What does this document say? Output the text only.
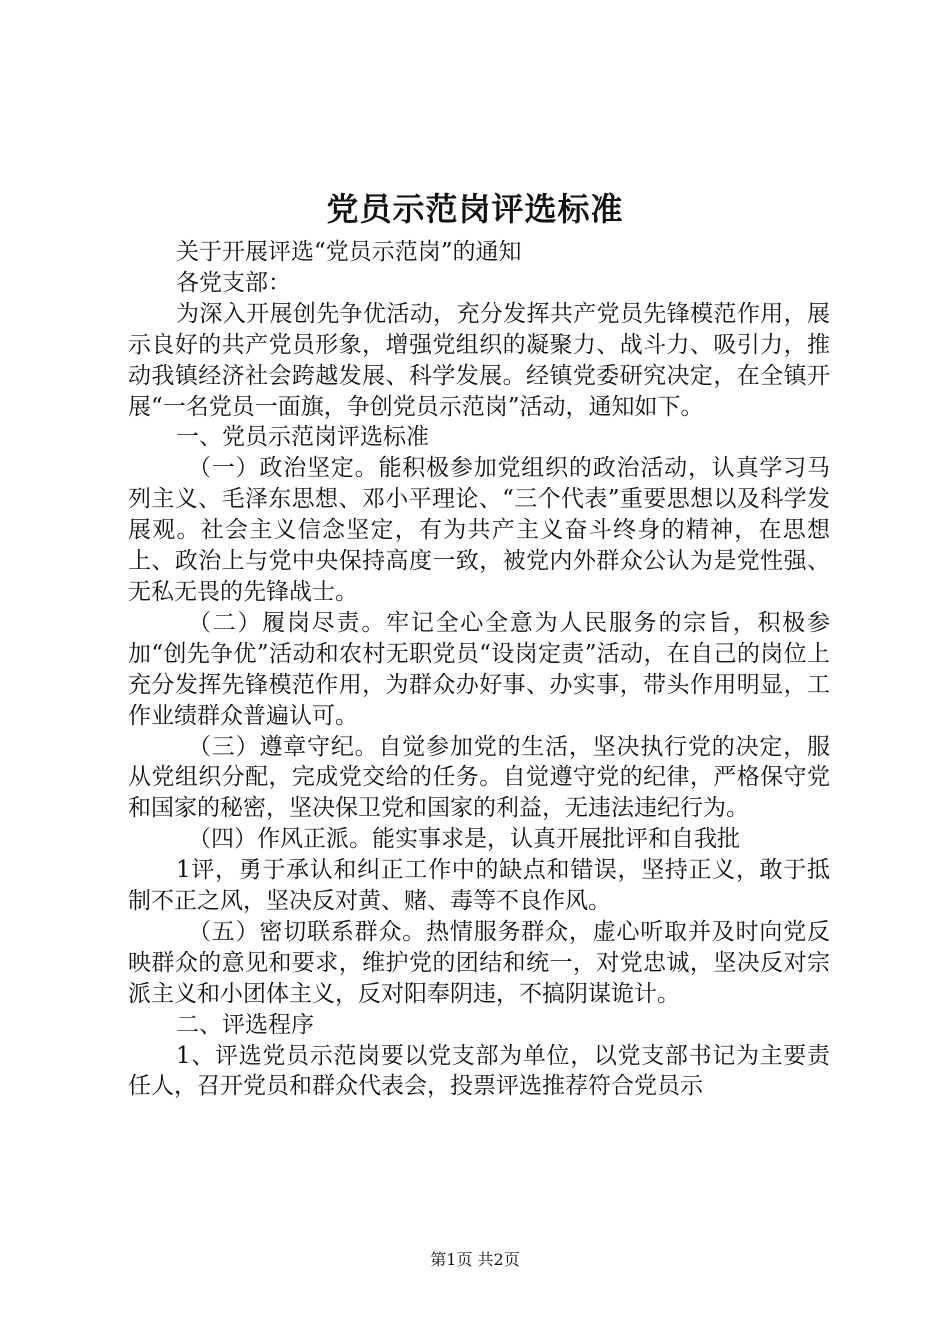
党员示范岗评选标准

关于开展评选“党员示范岗”的通知

各党支部：

为深入开展创先争优活动，充分发挥共产党员先锋模范作用，展示良好的共产党员形象，增强党组织的凝聚力、战斗力、吸引力，推动我镇经济社会跨越发展、科学发展。经镇党委研究决定，在全镇开展“一名党员一面旗，争创党员示范岗”活动，通知如下。

一、党员示范岗评选标准

（一）政治坚定。能积极参加党组织的政治活动，认真学习马列主义、毛泽东思想、邓小平理论、“三个代表”重要思想以及科学发展观。社会主义信念坚定，有为共产主义奋斗终身的精神，在思想上、政治上与党中央保持高度一致，被党内外群众公认为是党性强、无私无畏的先锋战士。

（二）履岗尽责。牢记全心全意为人民服务的宗旨，积极参加“创先争优”活动和农村无职党员“设岗定责”活动，在自己的岗位上充分发挥先锋模范作用，为群众办好事、办实事，带头作用明显，工作业绩群众普遍认可。

（三）遵章守纪。自觉参加党的生活，坚决执行党的决定，服从党组织分配，完成党交给的任务。自觉遵守党的纪律，严格保守党和国家的秘密，坚决保卫党和国家的利益，无违法违纪行为。

（四）作风正派。能实事求是，认真开展批评和自我批

1评，勇于承认和纠正工作中的缺点和错误，坚持正义，敢于抵制不正之风，坚决反对黄、赌、毒等不良作风。

（五）密切联系群众。热情服务群众，虚心听取并及时向党反映群众的意见和要求，维护党的团结和统一，对党忠诚，坚决反对宗派主义和小团体主义，反对阳奉阴违，不搞阴谋诡计。

二、评选程序

1、评选党员示范岗要以党支部为单位，以党支部书记为主要责任人，召开党员和群众代表会，投票评选推荐符合党员示

第1页 共2页
